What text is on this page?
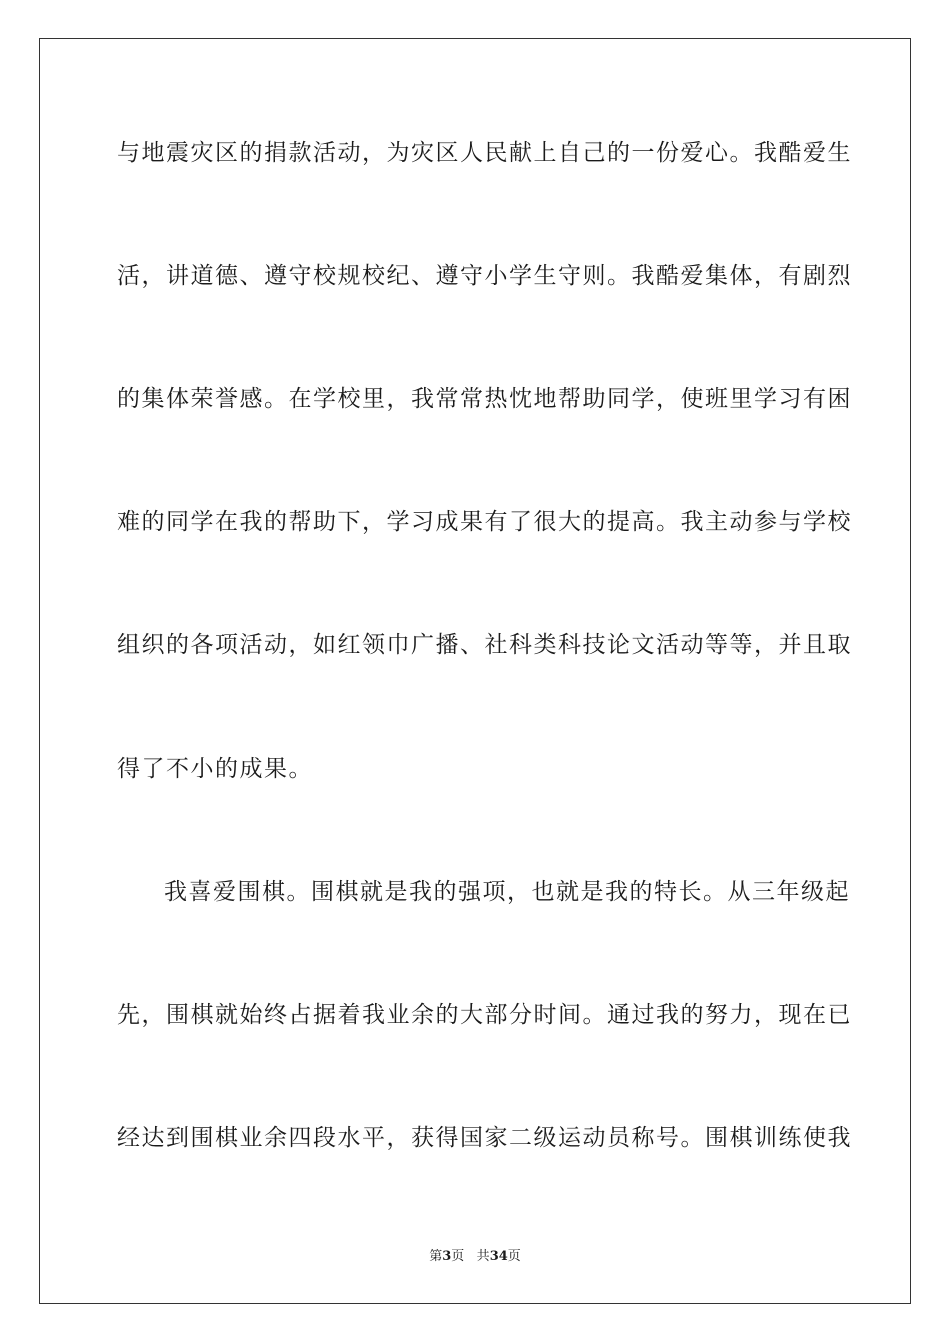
与地震灾区的捐款活动，为灾区人民献上自己的一份爱心。我酷爱生
活，讲道德、遵守校规校纪、遵守小学生守则。我酷爱集体，有剧烈
的集体荣誉感。在学校里，我常常热忱地帮助同学，使班里学习有困
难的同学在我的帮助下，学习成果有了很大的提高。我主动参与学校
组织的各项活动，如红领巾广播、社科类科技论文活动等等，并且取
得了不小的成果。
我喜爱围棋。围棋就是我的强项，也就是我的特长。从三年级起
先，围棋就始终占据着我业余的大部分时间。通过我的努力，现在已
经达到围棋业余四段水平，获得国家二级运动员称号。围棋训练使我
第3页 共34页
